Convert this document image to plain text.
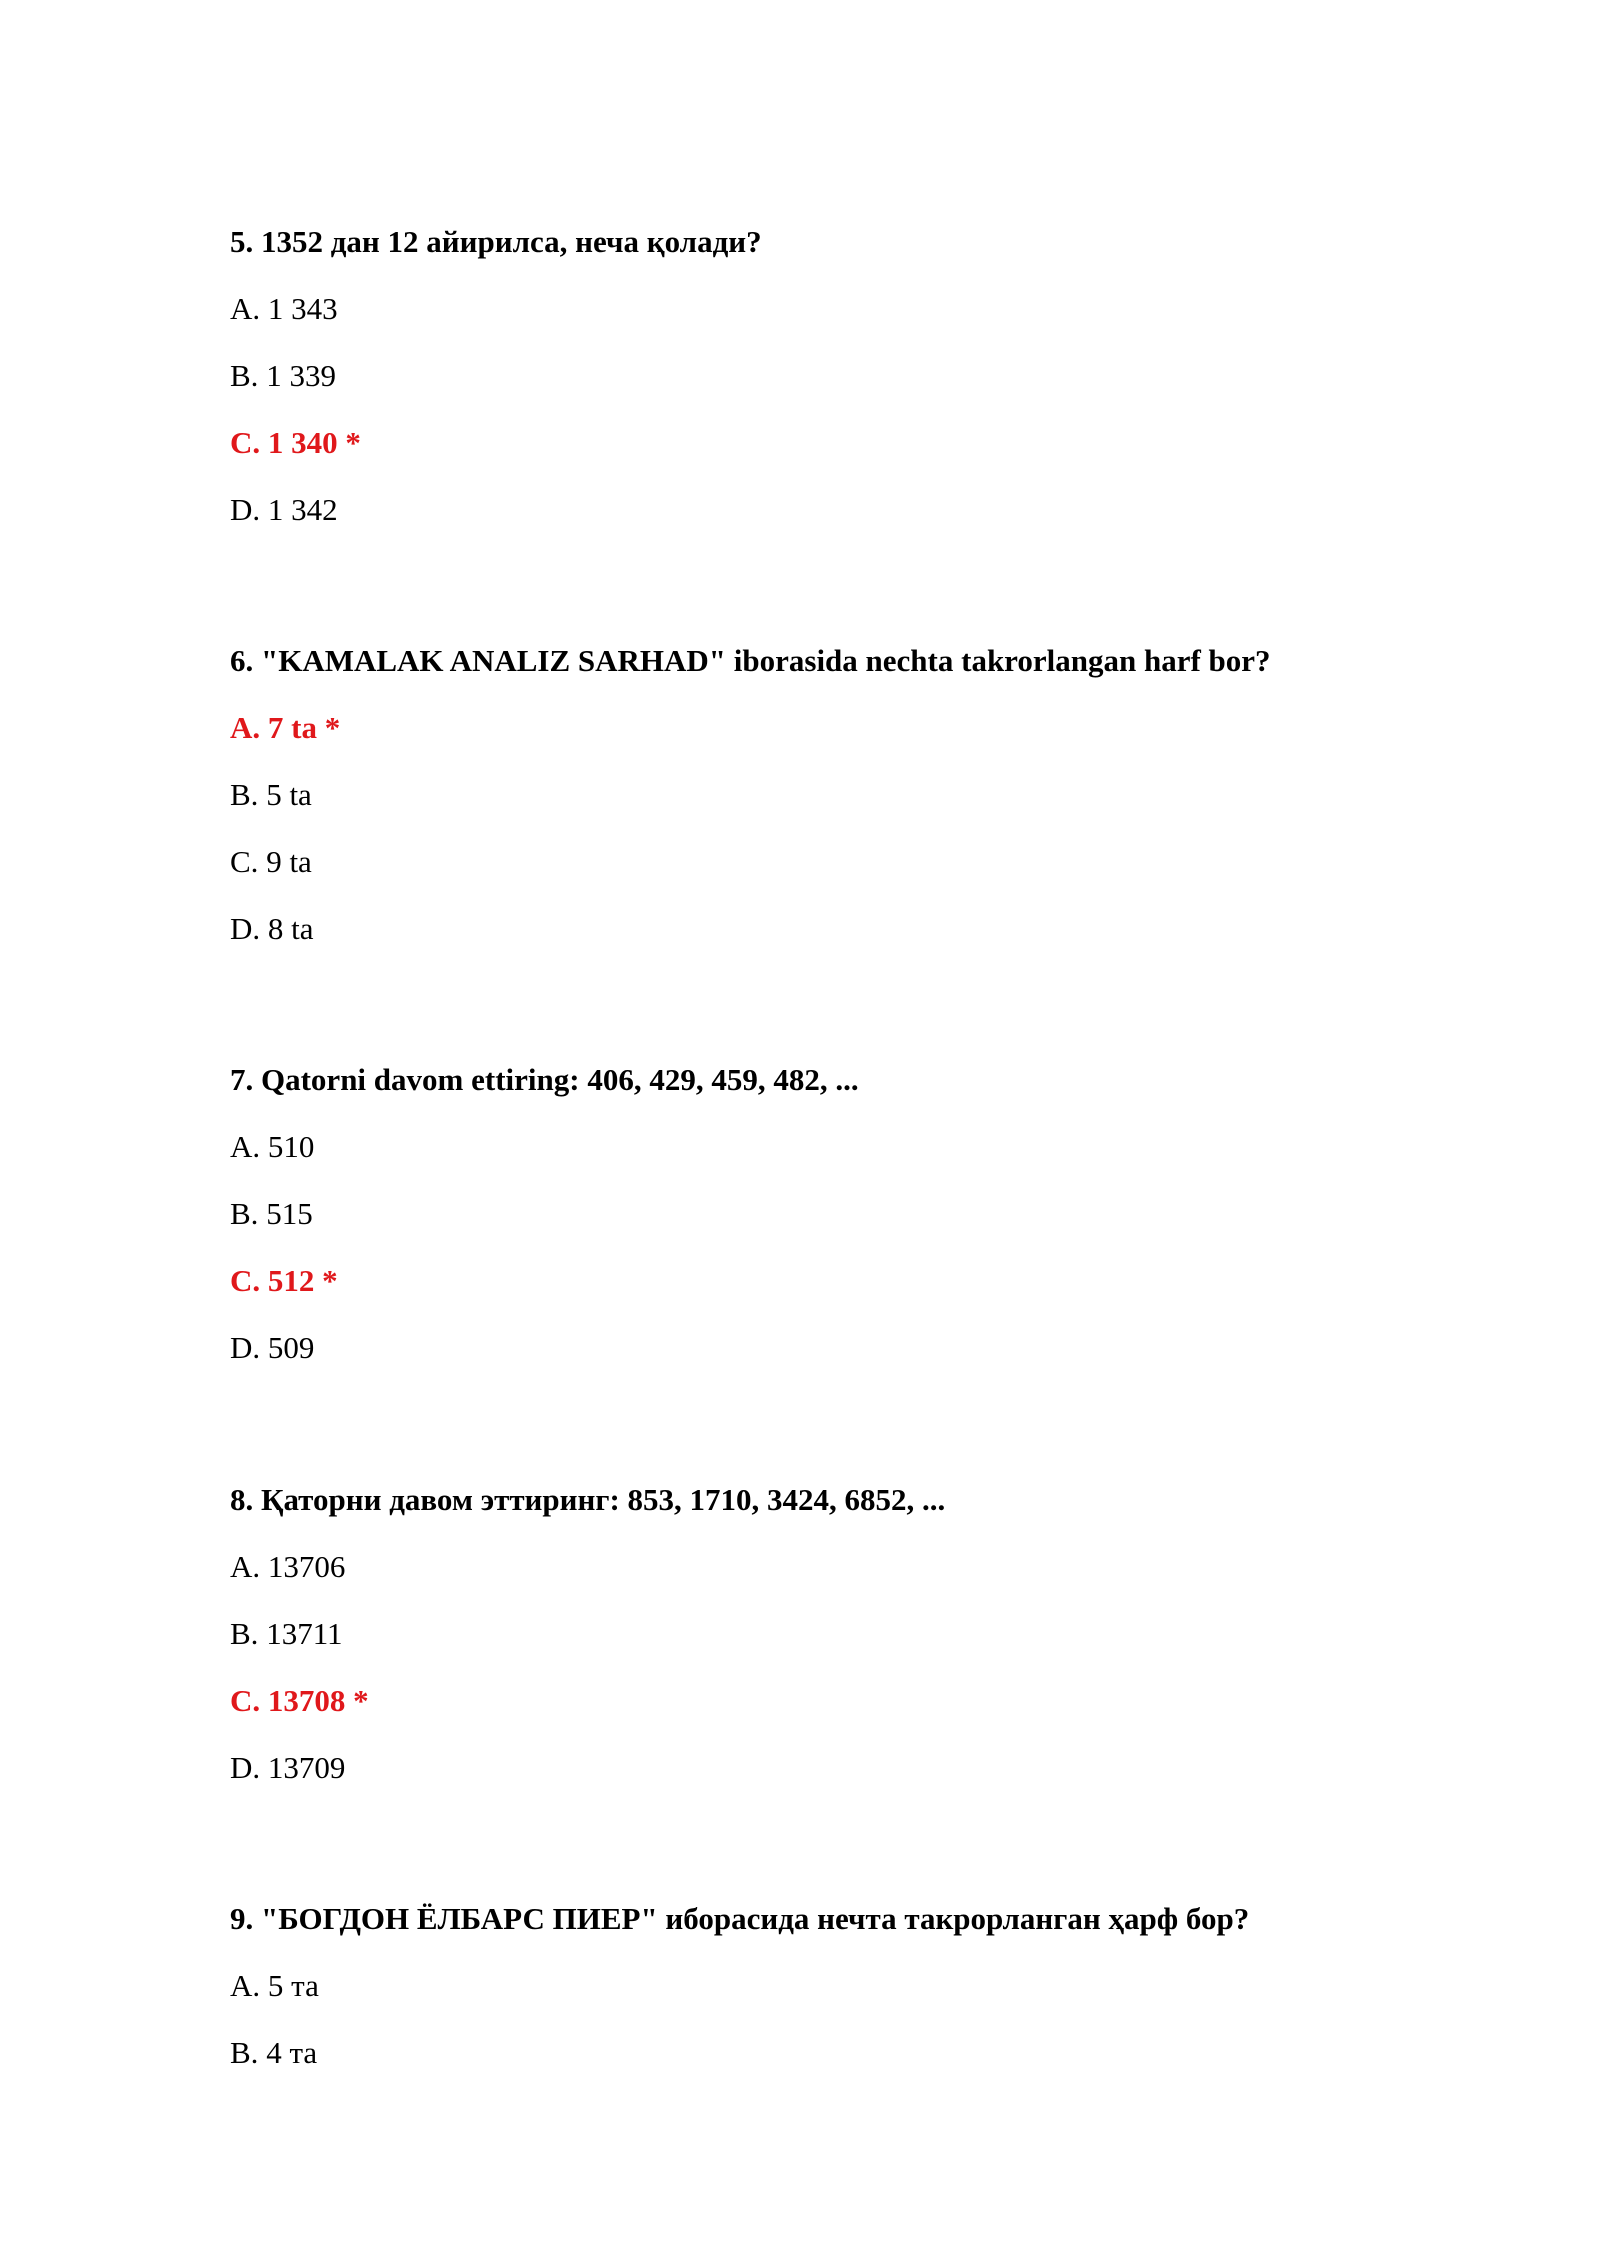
5. 1352 дан 12 айирилса, неча қолади?
A. 1 343
B. 1 339
C. 1 340 *
D. 1 342
6. "KAMALAK ANALIZ SARHAD" iborasida nechta takrorlangan harf bor?
A. 7 ta *
B. 5 ta
C. 9 ta
D. 8 ta
7. Qatorni davom ettiring: 406, 429, 459, 482, ...
A. 510
B. 515
C. 512 *
D. 509
8. Қаторни давом эттиринг: 853, 1710, 3424, 6852, ...
A. 13706
B. 13711
C. 13708 *
D. 13709
9. "БОГДОН ЁЛБАРС ПИЕР" иборасида нечта такрорланган ҳарф бор?
A. 5 та
B. 4 та
